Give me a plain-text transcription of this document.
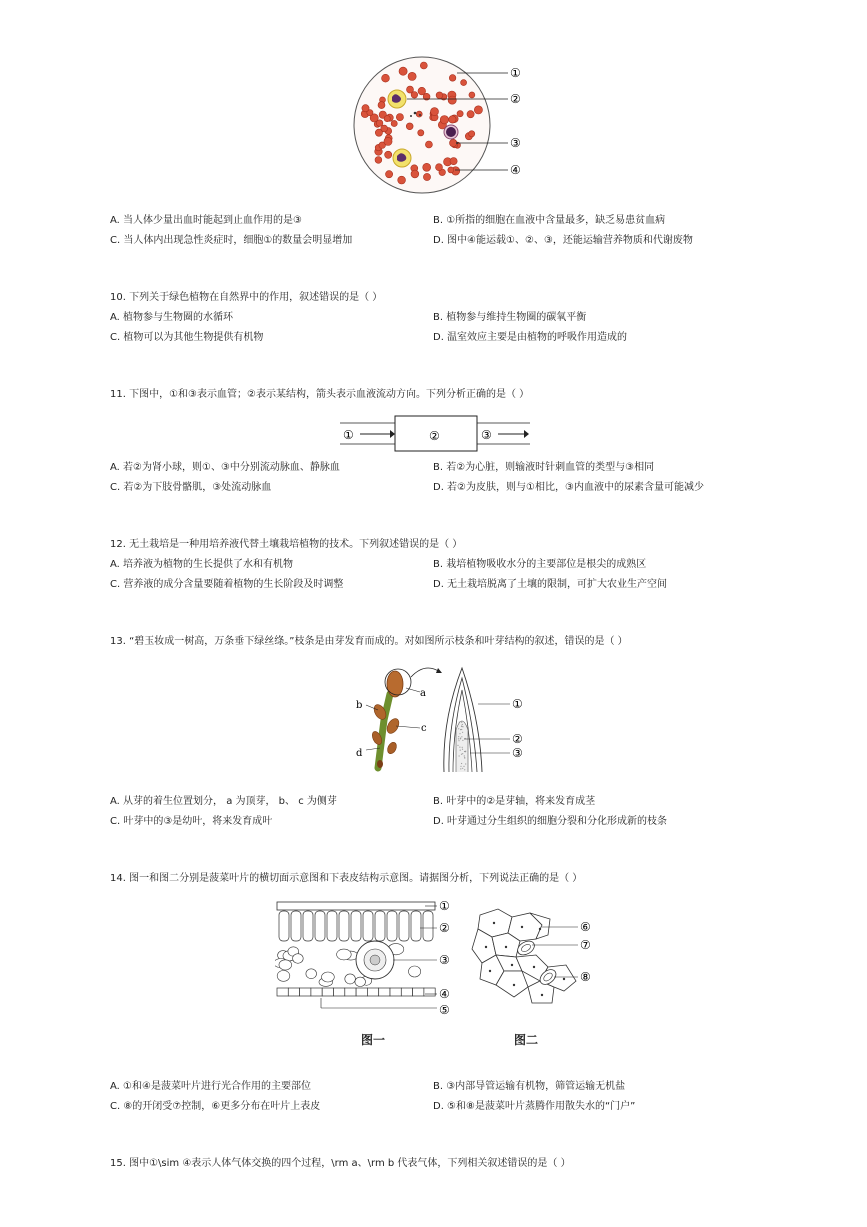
①
②
③
④
A. 当人体少量出血时能起到止血作用的是③	B. ①所指的细胞在血液中含量最多，缺乏易患贫血病
C. 当人体内出现急性炎症时，细胞①的数量会明显增加	D. 图中④能运载①、②、③，还能运输营养物质和代谢废物
10. 下列关于绿色植物在自然界中的作用，叙述错误的是（ ）
A. 植物参与生物圈的水循环	B. 植物参与维持生物圈的碳氧平衡
C. 植物可以为其他生物提供有机物	D. 温室效应主要是由植物的呼吸作用造成的
11. 下图中，①和③表示血管；②表示某结构，箭头表示血液流动方向。下列分析正确的是（ ）
①	②	③
A. 若②为肾小球，则①、③中分别流动脉血、静脉血	B. 若②为心脏，则输液时针刺血管的类型与③相同
C. 若②为下肢骨骼肌，③处流动脉血	D. 若②为皮肤，则与①相比，③内血液中的尿素含量可能减少
12. 无土栽培是一种用培养液代替土壤栽培植物的技术。下列叙述错误的是（ ）
A. 培养液为植物的生长提供了水和有机物	B. 栽培植物吸收水分的主要部位是根尖的成熟区
C. 营养液的成分含量要随着植物的生长阶段及时调整	D. 无土栽培脱离了土壤的限制，可扩大农业生产空间
13. “碧玉妆成一树高，万条垂下绿丝绦。”枝条是由芽发育而成的。对如图所示枝条和叶芽结构的叙述，错误的是（ ）
a
b
c
d
①
②
③
A. 从芽的着生位置划分， a 为顶芽， b、 c 为侧芽	B. 叶芽中的②是芽轴，将来发育成茎
C. 叶芽中的③是幼叶，将来发育成叶	D. 叶芽通过分生组织的细胞分裂和分化形成新的枝条
14. 图一和图二分别是菠菜叶片的横切面示意图和下表皮结构示意图。请据图分析，下列说法正确的是（ ）
①
②
③
④
⑤
⑥
⑦
⑧
图一	图二
A. ①和④是菠菜叶片进行光合作用的主要部位	B. ③内部导管运输有机物，筛管运输无机盐
C. ⑧的开闭受⑦控制，⑥更多分布在叶片上表皮	D. ⑤和⑧是菠菜叶片蒸腾作用散失水的“门户”
15. 图中①\sim ④表示人体气体交换的四个过程，\rm a、\rm b 代表气体，下列相关叙述错误的是（ ）
